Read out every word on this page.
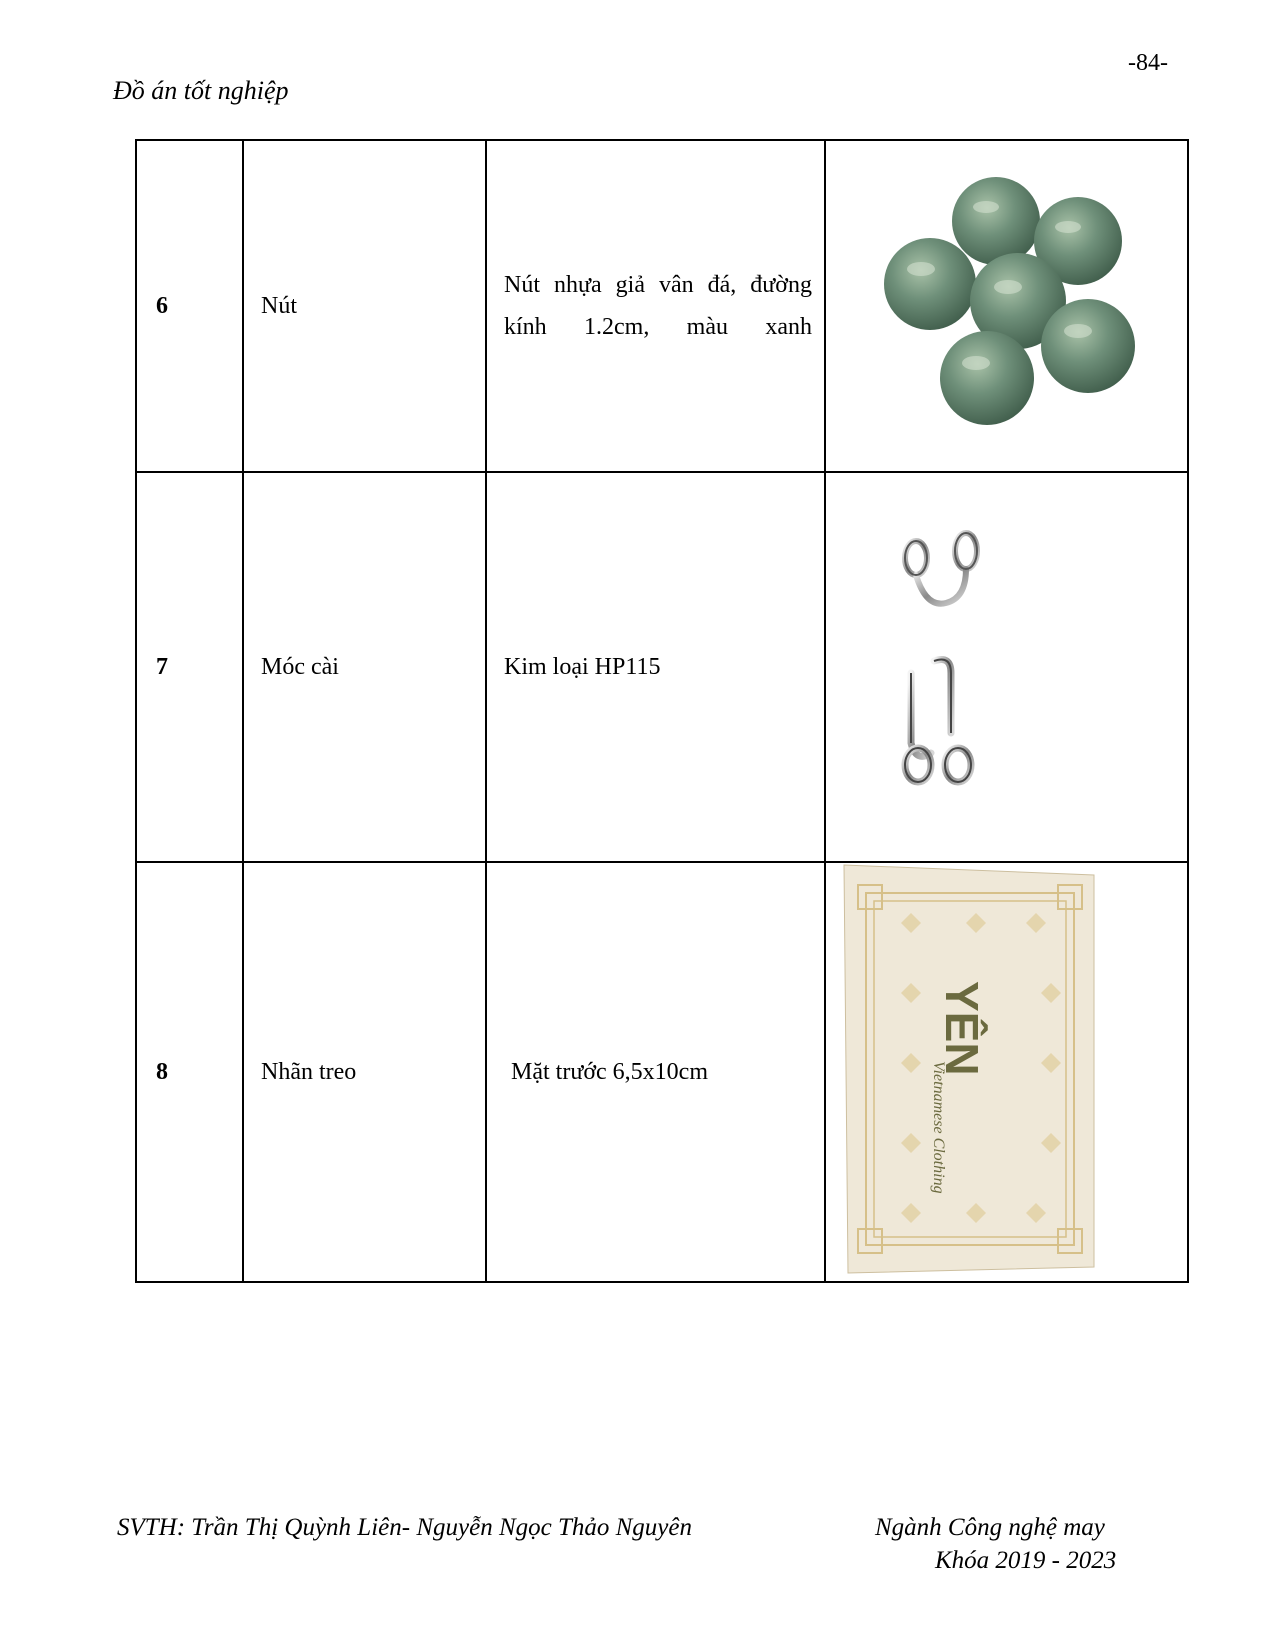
-84-
Đồ án tốt nghiệp
6	Nút	Nút nhựa giả vân đá, đường kính 1.2cm, màu xanh	

7	Móc cài	Kim loại HP115	

8	Nhãn treo	Mặt trước 6,5x10cm	YÊN
Vietnamese Clothing
SVTH: Trần Thị Quỳnh Liên- Nguyễn Ngọc Thảo Nguyên	Ngành Công nghệ may
Khóa 2019 - 2023
